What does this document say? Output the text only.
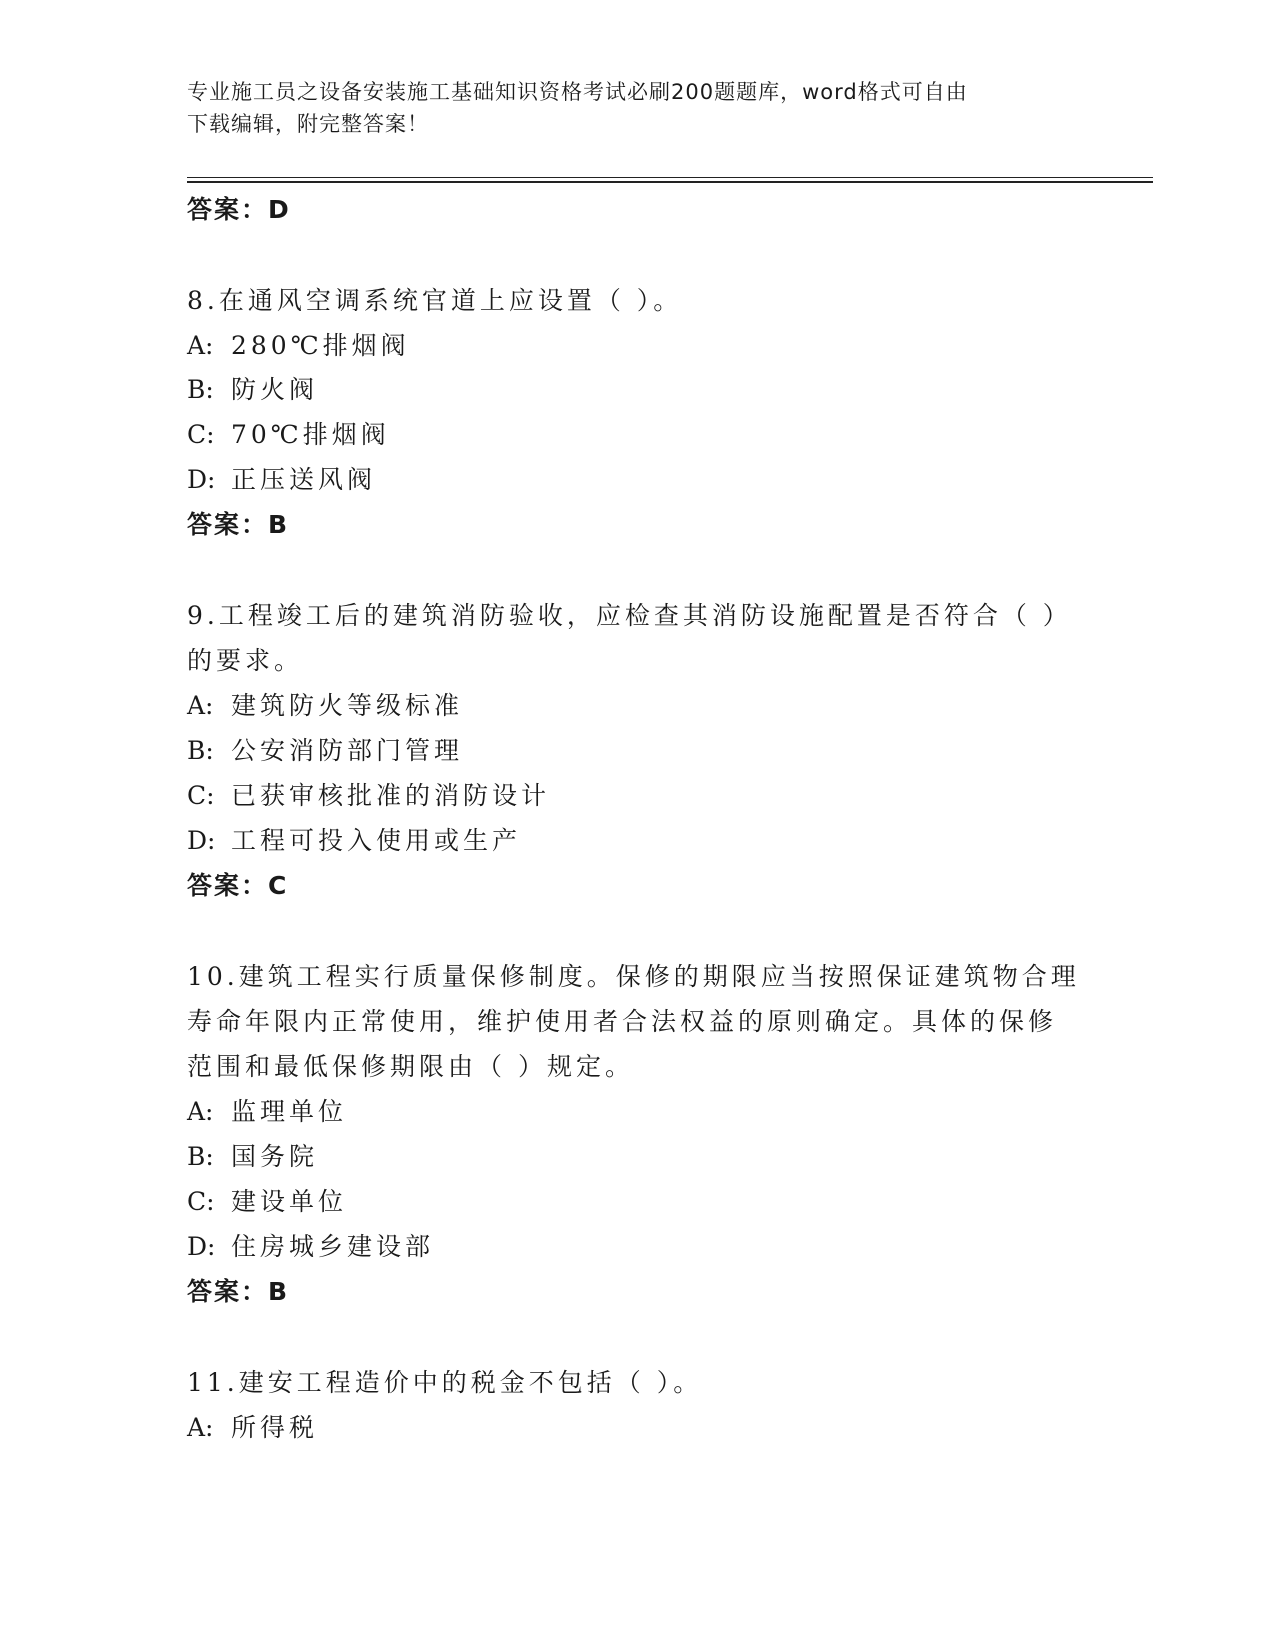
专业施工员之设备安装施工基础知识资格考试必刷200题题库，word格式可自由
下载编辑，附完整答案！
答案：D
8.在通风空调系统官道上应设置（ ）。
A: 280℃排烟阀
B: 防火阀
C: 70℃排烟阀
D: 正压送风阀
答案：B
9.工程竣工后的建筑消防验收，应检查其消防设施配置是否符合（ ）
的要求。
A: 建筑防火等级标准
B: 公安消防部门管理
C: 已获审核批准的消防设计
D: 工程可投入使用或生产
答案：C
10.建筑工程实行质量保修制度。保修的期限应当按照保证建筑物合理
寿命年限内正常使用，维护使用者合法权益的原则确定。具体的保修
范围和最低保修期限由（ ）规定。
A: 监理单位
B: 国务院
C: 建设单位
D: 住房城乡建设部
答案：B
11.建安工程造价中的税金不包括（ ）。
A: 所得税
